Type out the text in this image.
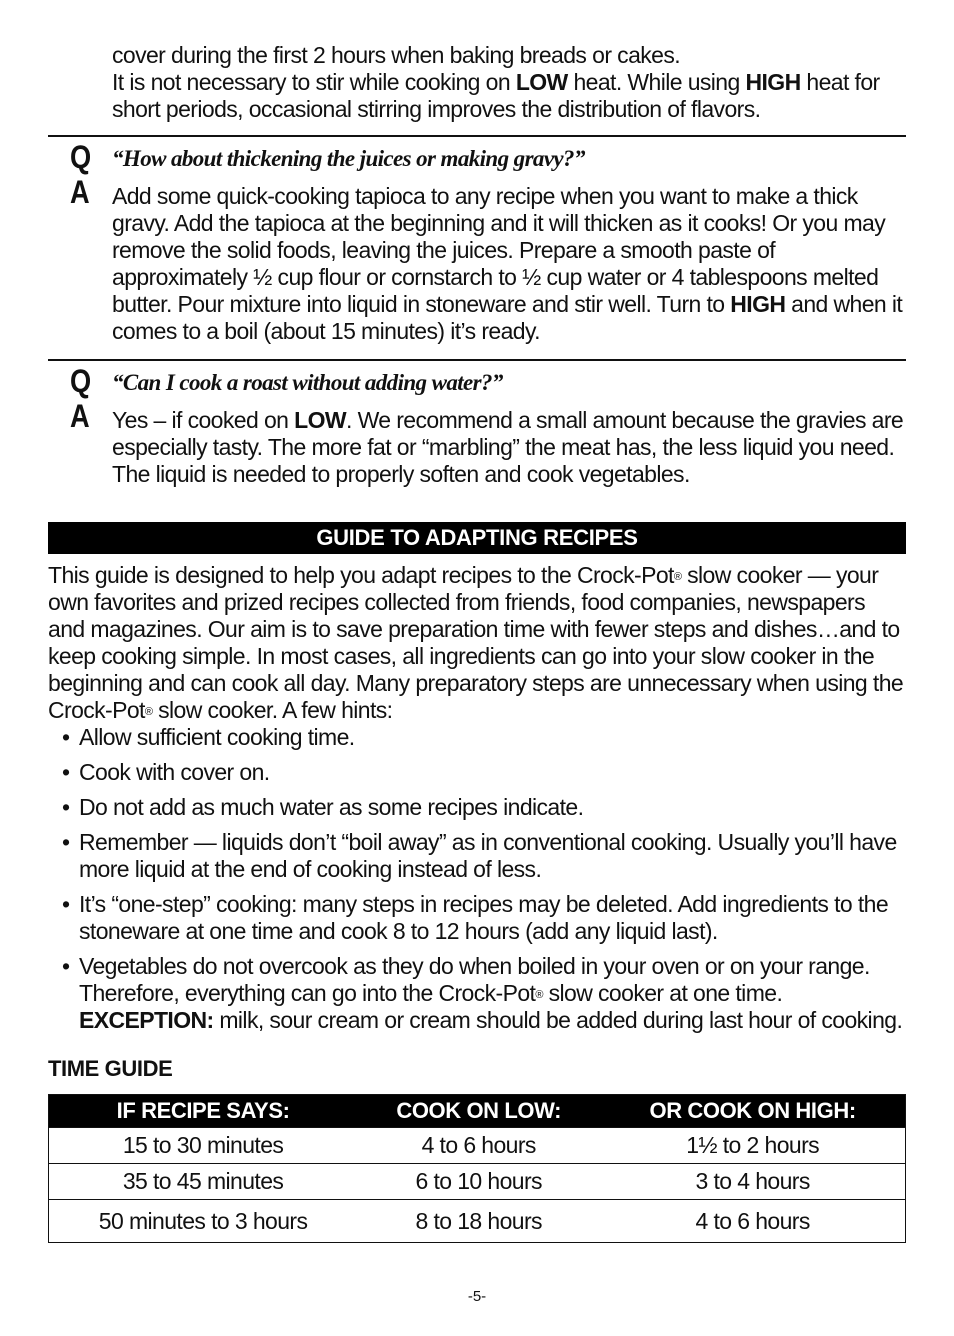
cover during the first 2 hours when baking breads or cakes.
It is not necessary to stir while cooking on LOW heat. While using HIGH heat for short periods, occasional stirring improves the distribution of flavors.
Q “How about thickening the juices or making gravy?”
A Add some quick-cooking tapioca to any recipe when you want to make a thick gravy. Add the tapioca at the beginning and it will thicken as it cooks! Or you may remove the solid foods, leaving the juices. Prepare a smooth paste of approximately ½ cup flour or cornstarch to ½ cup water or 4 tablespoons melted butter. Pour mixture into liquid in stoneware and stir well. Turn to HIGH and when it comes to a boil (about 15 minutes) it’s ready.
Q “Can I cook a roast without adding water?”
A Yes – if cooked on LOW. We recommend a small amount because the gravies are especially tasty. The more fat or “marbling” the meat has, the less liquid you need. The liquid is needed to properly soften and cook vegetables.
GUIDE TO ADAPTING RECIPES
This guide is designed to help you adapt recipes to the Crock-Pot® slow cooker — your own favorites and prized recipes collected from friends, food companies, newspapers and magazines. Our aim is to save preparation time with fewer steps and dishes…and to keep cooking simple. In most cases, all ingredients can go into your slow cooker in the beginning and can cook all day. Many preparatory steps are unnecessary when using the Crock-Pot® slow cooker. A few hints:
• Allow sufficient cooking time.
• Cook with cover on.
• Do not add as much water as some recipes indicate.
• Remember — liquids don’t “boil away” as in conventional cooking. Usually you’ll have more liquid at the end of cooking instead of less.
• It’s “one-step” cooking: many steps in recipes may be deleted. Add ingredients to the stoneware at one time and cook 8 to 12 hours (add any liquid last).
• Vegetables do not overcook as they do when boiled in your oven or on your range. Therefore, everything can go into the Crock-Pot® slow cooker at one time.
EXCEPTION: milk, sour cream or cream should be added during last hour of cooking.
TIME GUIDE
IF RECIPE SAYS:	COOK ON LOW:	OR COOK ON HIGH:
15 to 30 minutes	4 to 6 hours	1½ to 2 hours
35 to 45 minutes	6 to 10 hours	3 to 4 hours
50 minutes to 3 hours	8 to 18 hours	4 to 6 hours
-5-
